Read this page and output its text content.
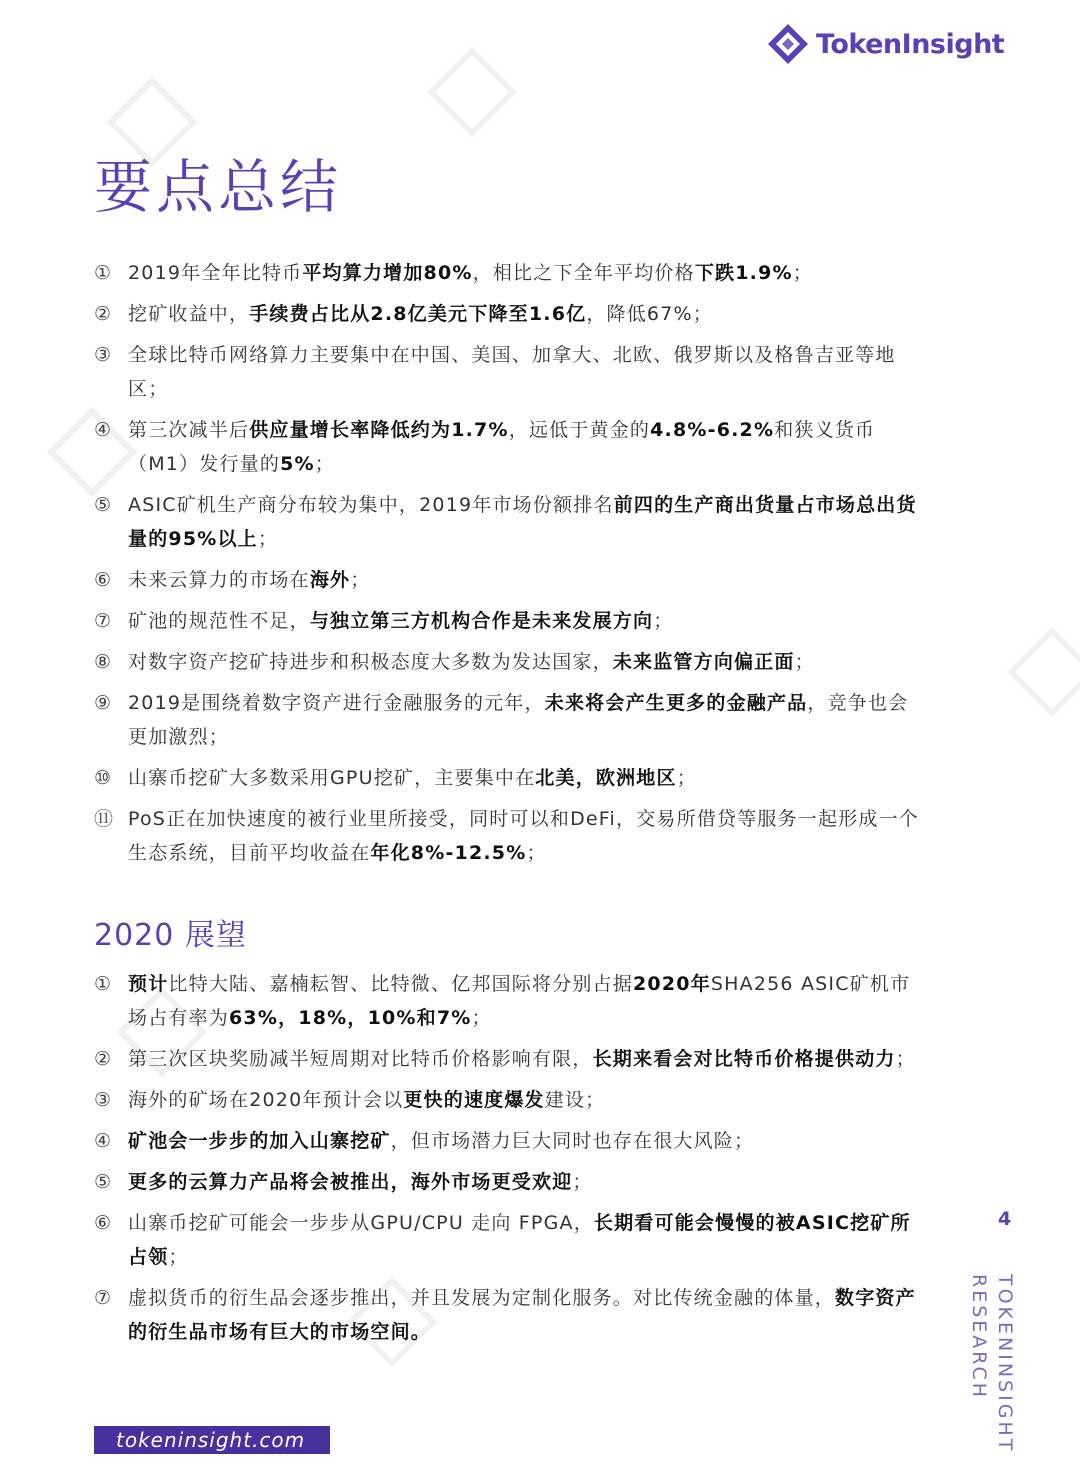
TokenInsight
要点总结
① 2019年全年比特币平均算力增加80%，相比之下全年平均价格下跌1.9%；
② 挖矿收益中，手续费占比从2.8亿美元下降至1.6亿，降低67%；
③ 全球比特币网络算力主要集中在中国、美国、加拿大、北欧、俄罗斯以及格鲁吉亚等地区；
④ 第三次减半后供应量增长率降低约为1.7%，远低于黄金的4.8%-6.2%和狭义货币（M1）发行量的5%；
⑤ ASIC矿机生产商分布较为集中，2019年市场份额排名前四的生产商出货量占市场总出货量的95%以上；
⑥ 未来云算力的市场在海外；
⑦ 矿池的规范性不足，与独立第三方机构合作是未来发展方向；
⑧ 对数字资产挖矿持进步和积极态度大多数为发达国家，未来监管方向偏正面；
⑨ 2019是围绕着数字资产进行金融服务的元年，未来将会产生更多的金融产品，竞争也会更加激烈；
⑩ 山寨币挖矿大多数采用GPU挖矿，主要集中在北美，欧洲地区；
⑪ PoS正在加快速度的被行业里所接受，同时可以和DeFi，交易所借贷等服务一起形成一个生态系统，目前平均收益在年化8%-12.5%；
2020 展望
① 预计比特大陆、嘉楠耘智、比特微、亿邦国际将分别占据2020年SHA256 ASIC矿机市场占有率为63%，18%，10%和7%；
② 第三次区块奖励减半短周期对比特币价格影响有限，长期来看会对比特币价格提供动力；
③ 海外的矿场在2020年预计会以更快的速度爆发建设；
④ 矿池会一步步的加入山寨挖矿，但市场潜力巨大同时也存在很大风险；
⑤ 更多的云算力产品将会被推出，海外市场更受欢迎；
⑥ 山寨币挖矿可能会一步步从GPU/CPU 走向 FPGA，长期看可能会慢慢的被ASIC挖矿所占领；
⑦ 虚拟货币的衍生品会逐步推出，并且发展为定制化服务。对比传统金融的体量，数字资产的衍生品市场有巨大的市场空间。
4
TOKENINSIGHT RESEARCH
tokeninsight.com
